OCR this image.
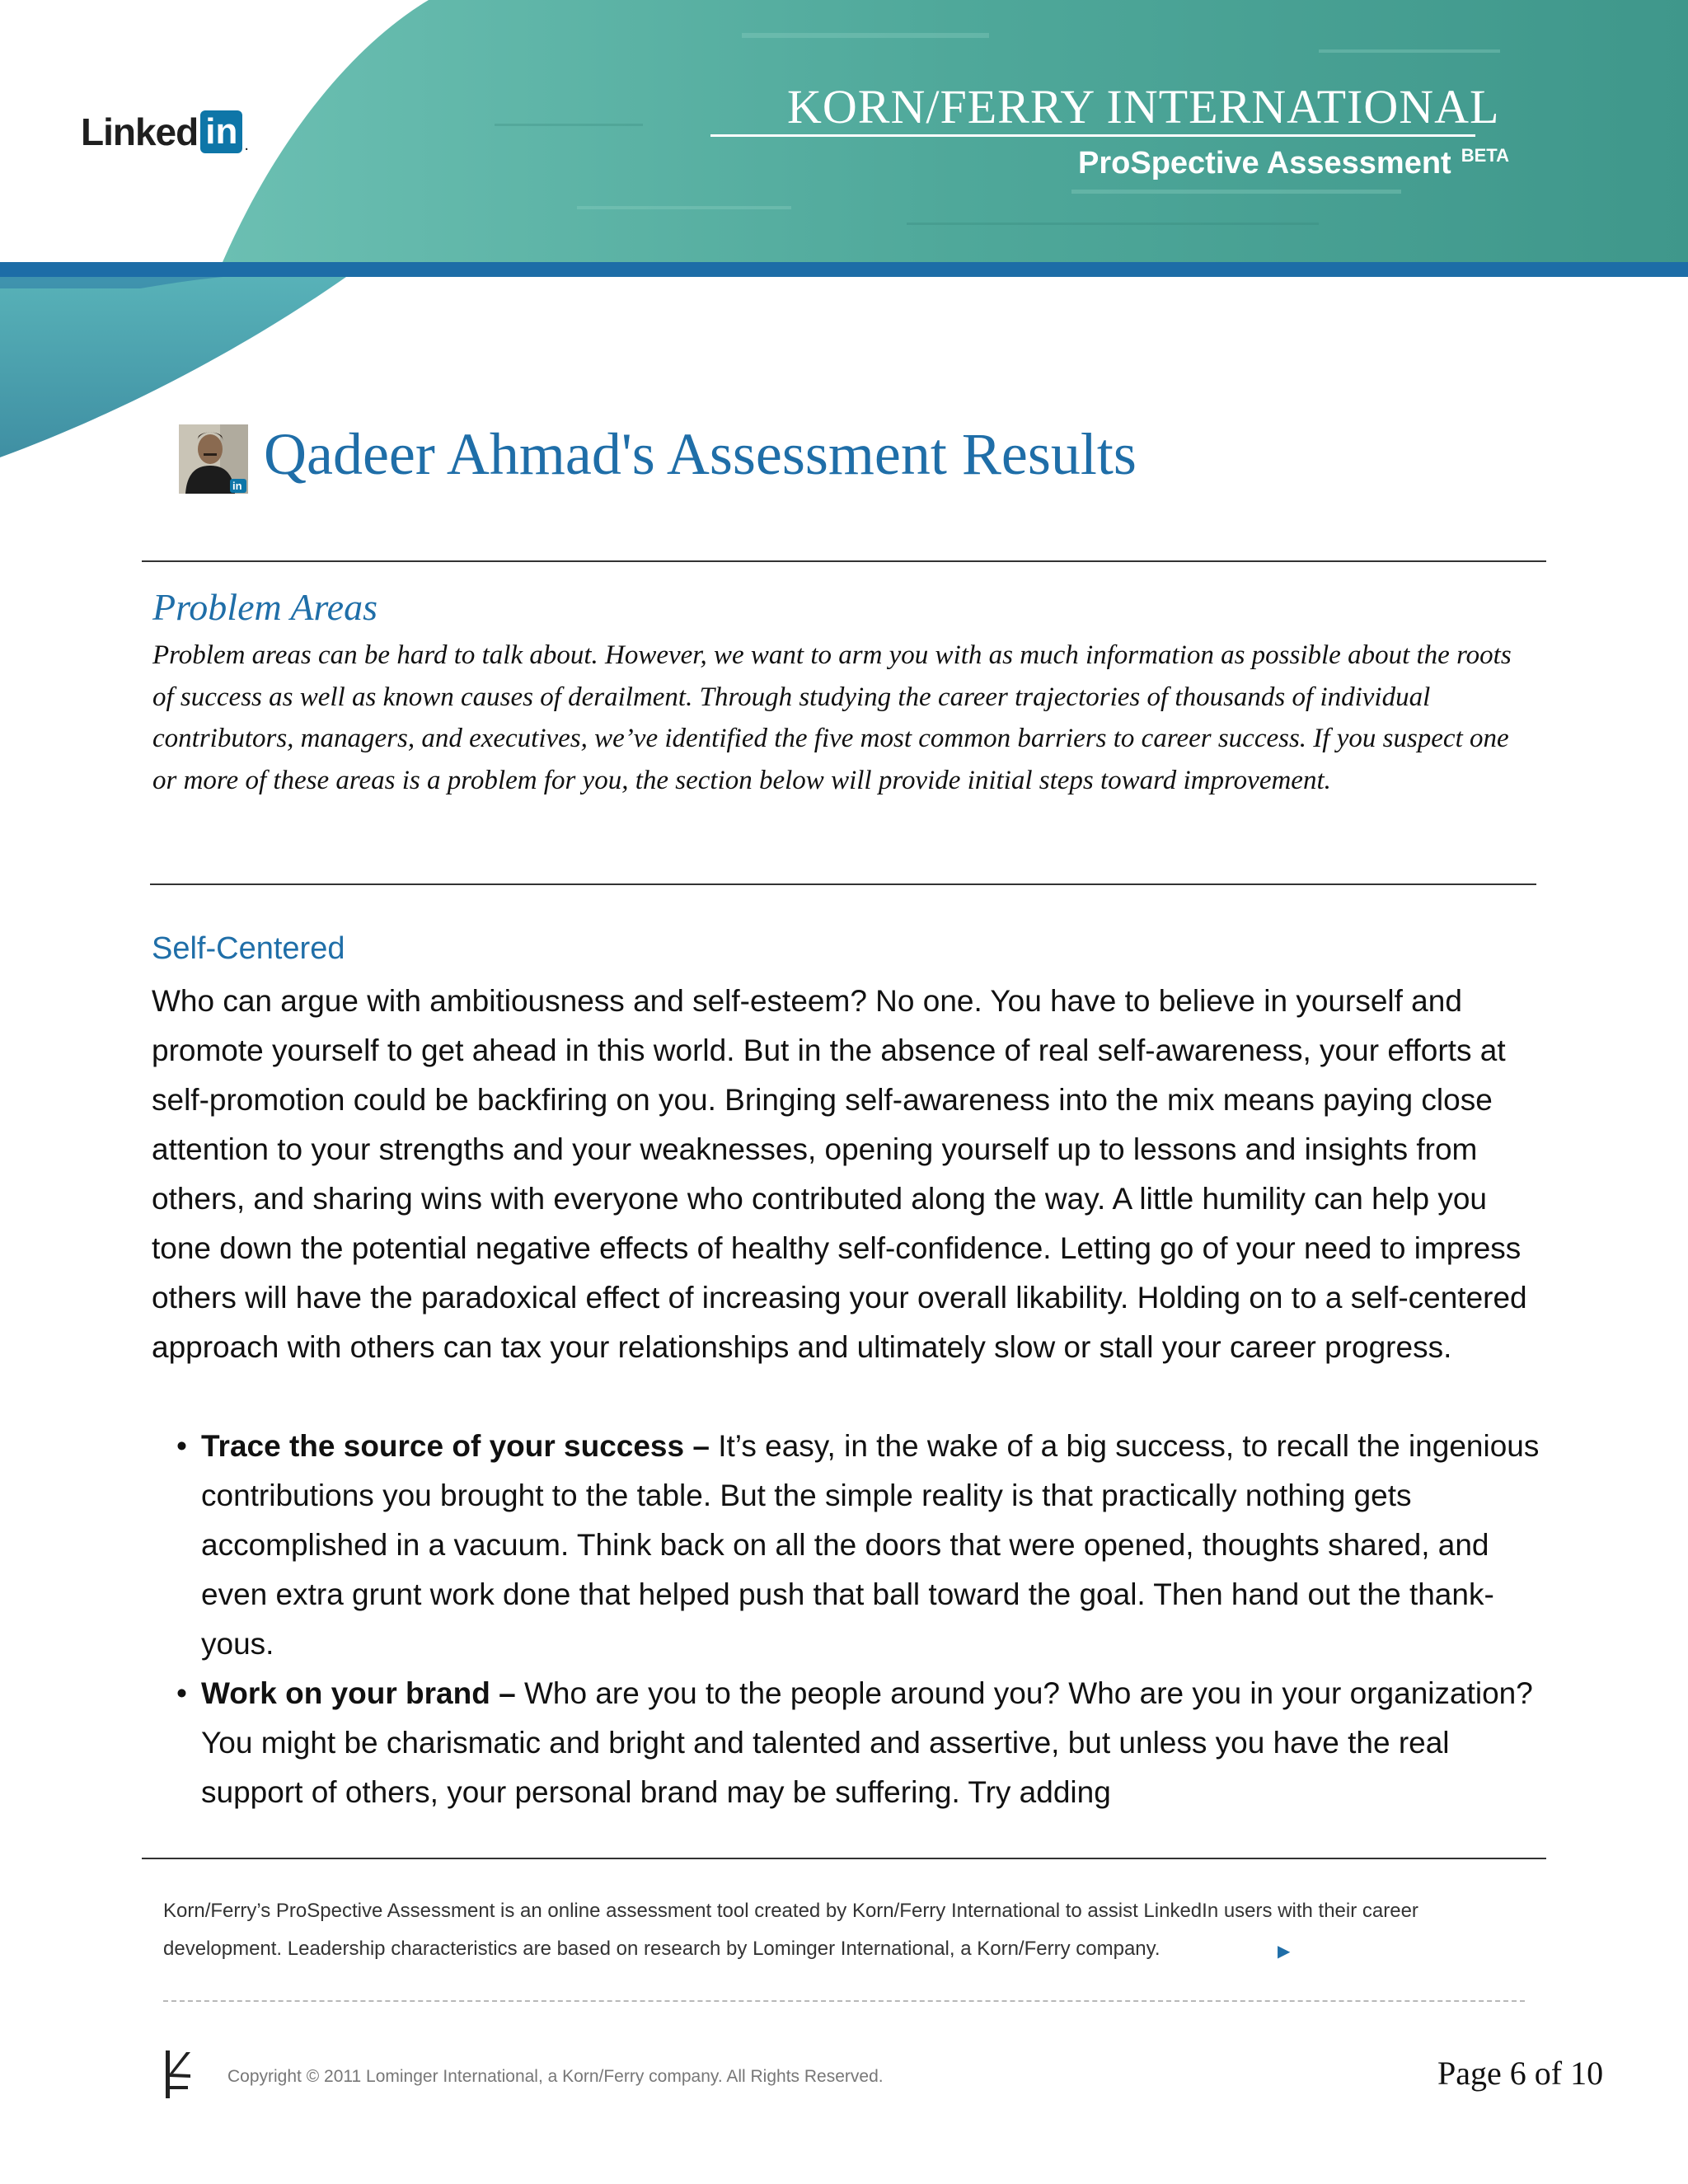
Linked in .
KORN/FERRY INTERNATIONAL
ProSpective Assessment $^{BETA}$
in Qadeer Ahmad's Assessment Results
Problem Areas
Problem areas can be hard to talk about. However, we want to arm you with as much information as possible about the roots of success as well as known causes of derailment. Through studying the career trajectories of thousands of individual contributors, managers, and executives, we’ve identified the five most common barriers to career success. If you suspect one or more of these areas is a problem for you, the section below will provide initial steps toward improvement.
Self-Centered

Who can argue with ambitiousness and self-esteem? No one. You have to believe in yourself and promote yourself to get ahead in this world. But in the absence of real self-awareness, your efforts at self-promotion could be backfiring on you. Bringing self-awareness into the mix means paying close attention to your strengths and your weaknesses, opening yourself up to lessons and insights from others, and sharing wins with everyone who contributed along the way. A little humility can help you tone down the potential negative effects of healthy self-confidence. Letting go of your need to impress others will have the paradoxical effect of increasing your overall likability. Holding on to a self-centered approach with others can tax your relationships and ultimately slow or stall your career progress.

• Trace the source of your success – It’s easy, in the wake of a big success, to recall the ingenious contributions you brought to the table. But the simple reality is that practically nothing gets accomplished in a vacuum. Think back on all the doors that were opened, thoughts shared, and even extra grunt work done that helped push that ball toward the goal. Then hand out the thank-yous.
• Work on your brand – Who are you to the people around you? Who are you in your organization? You might be charismatic and bright and talented and assertive, but unless you have the real support of others, your personal brand may be suffering. Try adding
Korn/Ferry’s ProSpective Assessment is an online assessment tool created by Korn/Ferry International to assist LinkedIn users with their career development. Leadership characteristics are based on research by Lominger International, a Korn/Ferry company.	▶
Copyright © 2011 Lominger International, a Korn/Ferry company. All Rights Reserved.	Page 6 of 10
